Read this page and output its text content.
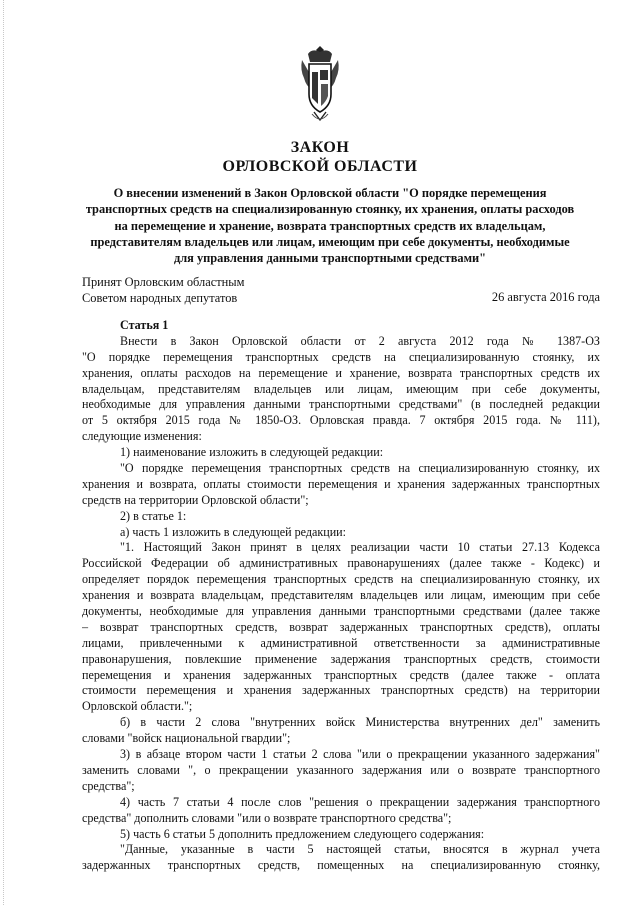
ЗАКОН
ОРЛОВСКОЙ ОБЛАСТИ
О внесении изменений в Закон Орловской области "О порядке перемещения
транспортных средств на специализированную стоянку, их хранения, оплаты расходов
на перемещение и хранение, возврата транспортных средств их владельцам,
представителям владельцев или лицам, имеющим при себе документы, необходимые
для управления данными транспортными средствами"
Принят Орловским областным
Советом народных депутатов	26 августа 2016 года
Статья 1
Внести в Закон Орловской области от 2 августа 2012 года № 1387-ОЗ
"О порядке перемещения транспортных средств на специализированную стоянку, их
хранения, оплаты расходов на перемещение и хранение, возврата транспортных средств их
владельцам, представителям владельцев или лицам, имеющим при себе документы,
необходимые для управления данными транспортными средствами" (в последней редакции
от 5 октября 2015 года № 1850-ОЗ. Орловская правда. 7 октября 2015 года. № 111),
следующие изменения:
1) наименование изложить в следующей редакции:
"О порядке перемещения транспортных средств на специализированную стоянку, их
хранения и возврата, оплаты стоимости перемещения и хранения задержанных транспортных
средств на территории Орловской области";
2) в статье 1:
а) часть 1 изложить в следующей редакции:
"1. Настоящий Закон принят в целях реализации части 10 статьи 27.13 Кодекса
Российской Федерации об административных правонарушениях (далее также - Кодекс) и
определяет порядок перемещения транспортных средств на специализированную стоянку, их
хранения и возврата владельцам, представителям владельцев или лицам, имеющим при себе
документы, необходимые для управления данными транспортными средствами (далее также
– возврат транспортных средств, возврат задержанных транспортных средств), оплаты
лицами, привлеченными к административной ответственности за административные
правонарушения, повлекшие применение задержания транспортных средств, стоимости
перемещения и хранения задержанных транспортных средств (далее также - оплата
стоимости перемещения и хранения задержанных транспортных средств) на территории
Орловской области.";
б) в части 2 слова "внутренних войск Министерства внутренних дел" заменить
словами "войск национальной гвардии";
3) в абзаце втором части 1 статьи 2 слова "или о прекращении указанного задержания"
заменить словами ", о прекращении указанного задержания или о возврате транспортного
средства";
4) часть 7 статьи 4 после слов "решения о прекращении задержания транспортного
средства" дополнить словами "или о возврате транспортного средства";
5) часть 6 статьи 5 дополнить предложением следующего содержания:
"Данные, указанные в части 5 настоящей статьи, вносятся в журнал учета
задержанных транспортных средств, помещенных на специализированную стоянку,
